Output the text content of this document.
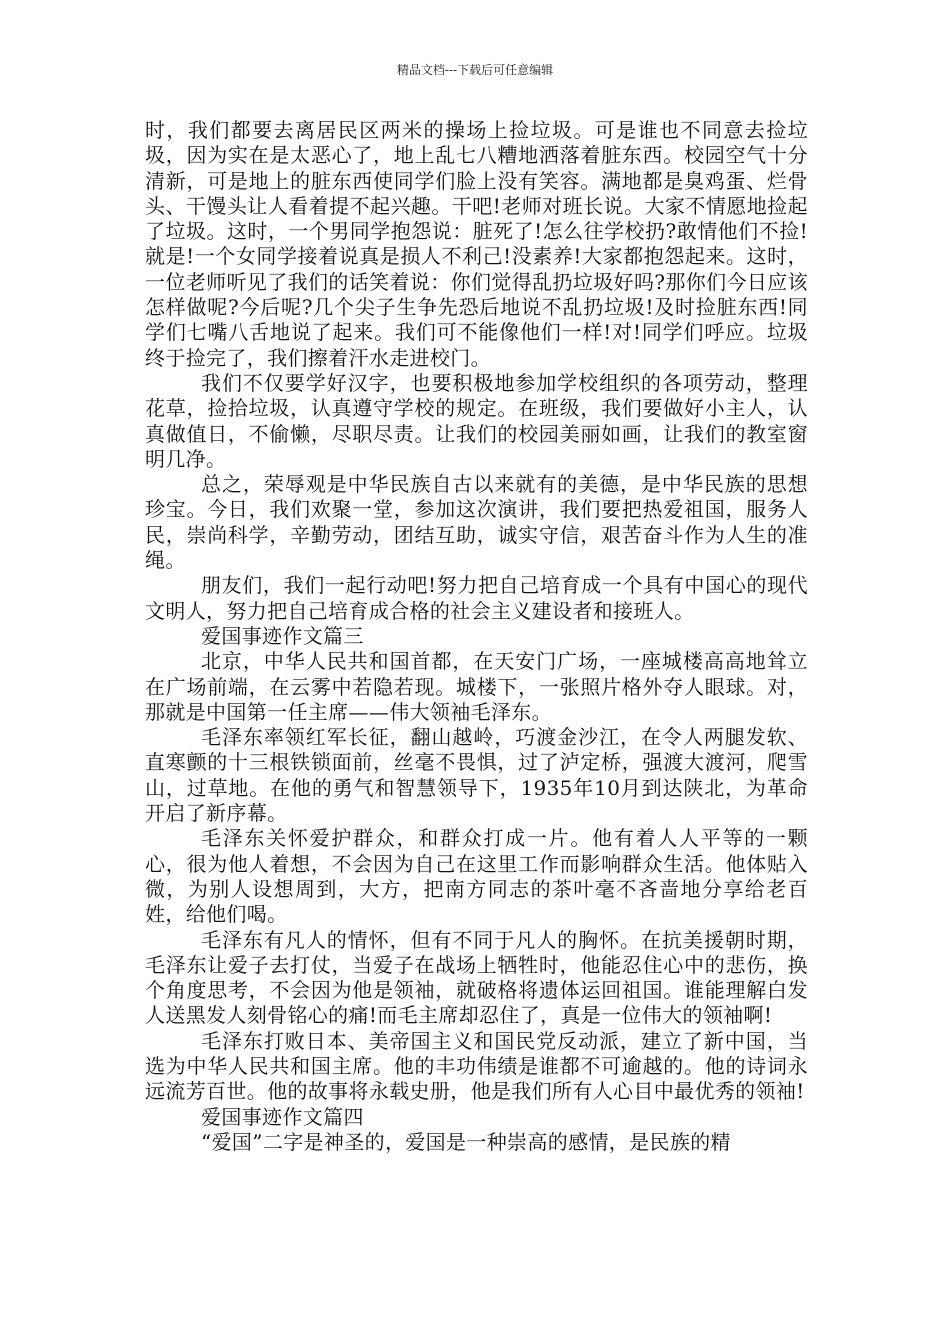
精品文档---下载后可任意编辑

时，我们都要去离居民区两米的操场上捡垃圾。可是谁也不同意去捡垃圾，因为实在是太恶心了，地上乱七八糟地洒落着脏东西。校园空气十分清新，可是地上的脏东西使同学们脸上没有笑容。满地都是臭鸡蛋、烂骨头、干馒头让人看着提不起兴趣。干吧!老师对班长说。大家不情愿地捡起了垃圾。这时，一个男同学抱怨说：脏死了!怎么往学校扔?敢情他们不捡!就是!一个女同学接着说真是损人不利己!没素养!大家都抱怨起来。这时，一位老师听见了我们的话笑着说：你们觉得乱扔垃圾好吗?那你们今日应该怎样做呢?今后呢?几个尖子生争先恐后地说不乱扔垃圾!及时捡脏东西!同学们七嘴八舌地说了起来。我们可不能像他们一样!对!同学们呼应。垃圾终于捡完了，我们擦着汗水走进校门。

我们不仅要学好汉字，也要积极地参加学校组织的各项劳动，整理花草，捡拾垃圾，认真遵守学校的规定。在班级，我们要做好小主人，认真做值日，不偷懒，尽职尽责。让我们的校园美丽如画，让我们的教室窗明几净。

总之，荣辱观是中华民族自古以来就有的美德，是中华民族的思想珍宝。今日，我们欢聚一堂，参加这次演讲，我们要把热爱祖国，服务人民，崇尚科学，辛勤劳动，团结互助，诚实守信，艰苦奋斗作为人生的准绳。

朋友们，我们一起行动吧!努力把自己培育成一个具有中国心的现代文明人，努力把自己培育成合格的社会主义建设者和接班人。

爱国事迹作文篇三

北京，中华人民共和国首都，在天安门广场，一座城楼高高地耸立在广场前端，在云雾中若隐若现。城楼下，一张照片格外夺人眼球。对，那就是中国第一任主席——伟大领袖毛泽东。

毛泽东率领红军长征，翻山越岭，巧渡金沙江，在令人两腿发软、直寒颤的十三根铁锁面前，丝毫不畏惧，过了泸定桥，强渡大渡河，爬雪山，过草地。在他的勇气和智慧领导下，1935年10月到达陕北，为革命开启了新序幕。

毛泽东关怀爱护群众，和群众打成一片。他有着人人平等的一颗心，很为他人着想，不会因为自己在这里工作而影响群众生活。他体贴入微，为别人设想周到，大方，把南方同志的茶叶毫不吝啬地分享给老百姓，给他们喝。

毛泽东有凡人的情怀，但有不同于凡人的胸怀。在抗美援朝时期，毛泽东让爱子去打仗，当爱子在战场上牺牲时，他能忍住心中的悲伤，换个角度思考，不会因为他是领袖，就破格将遗体运回祖国。谁能理解白发人送黑发人刻骨铭心的痛!而毛主席却忍住了，真是一位伟大的领袖啊!

毛泽东打败日本、美帝国主义和国民党反动派，建立了新中国，当选为中华人民共和国主席。他的丰功伟绩是谁都不可逾越的。他的诗词永远流芳百世。他的故事将永载史册，他是我们所有人心目中最优秀的领袖!

爱国事迹作文篇四

“爱国”二字是神圣的，爱国是一种崇高的感情，是民族的精
